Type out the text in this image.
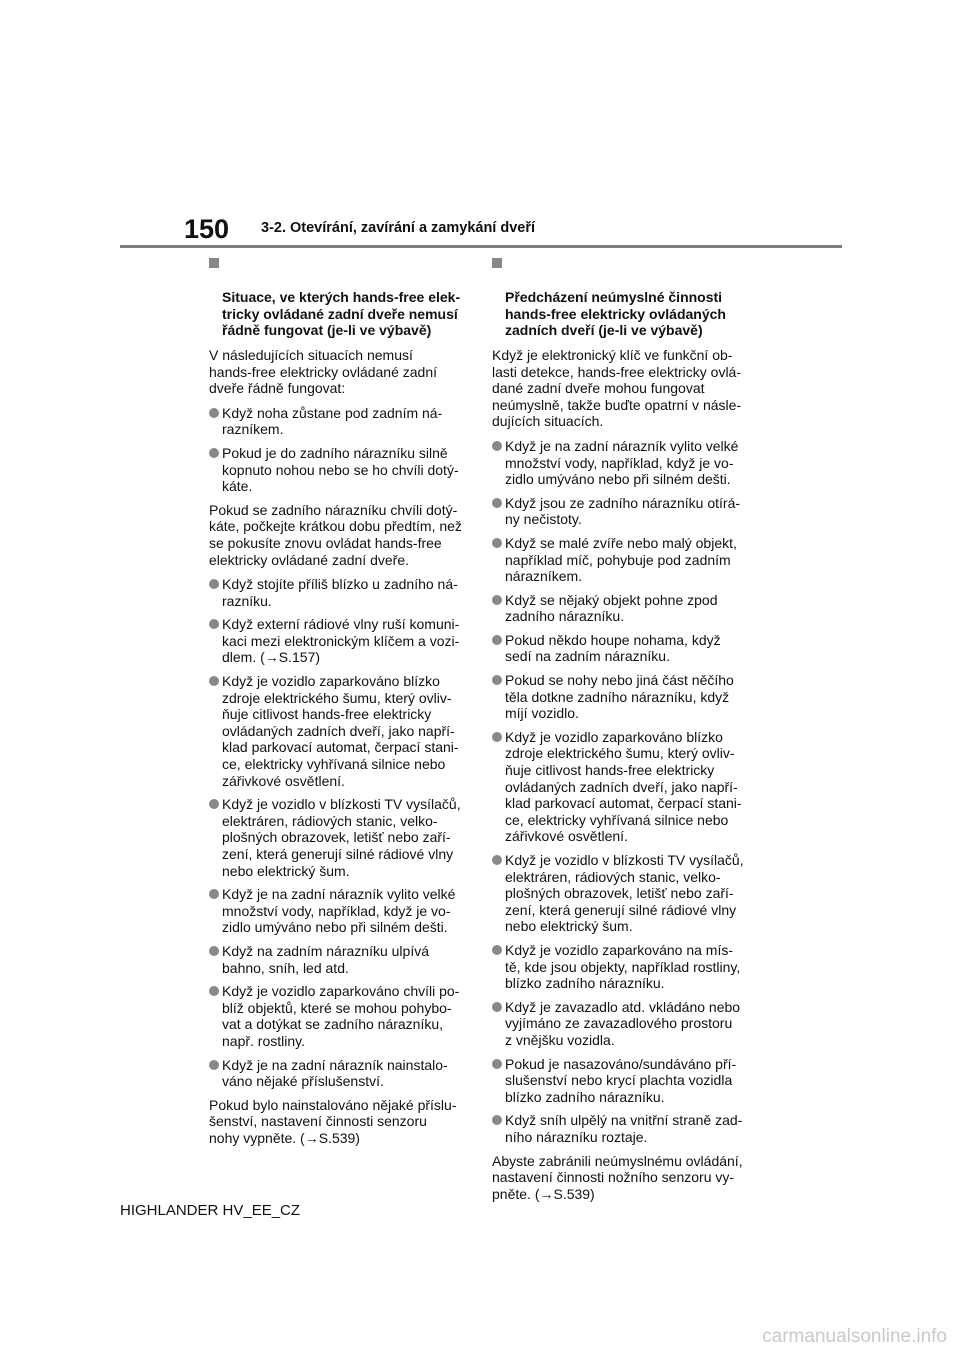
150 3-2. Otevírání, zavírání a zamykání dveří

Situace, ve kterých hands-free elek-
tricky ovládané zadní dveře nemusí
řádně fungovat (je-li ve výbavě)

V následujících situacích nemusí
hands-free elektricky ovládané zadní
dveře řádně fungovat:
Když noha zůstane pod zadním ná-
razníkem.
Pokud je do zadního nárazníku silně
kopnuto nohou nebo se ho chvíli dotý-
káte.
Pokud se zadního nárazníku chvíli dotý-
káte, počkejte krátkou dobu předtím, než
se pokusíte znovu ovládat hands-free
elektricky ovládané zadní dveře.
Když stojíte příliš blízko u zadního ná-
razníku.
Když externí rádiové vlny ruší komuni-
kaci mezi elektronickým klíčem a vozi-
dlem. (→S.157)
Když je vozidlo zaparkováno blízko
zdroje elektrického šumu, který ovliv-
ňuje citlivost hands-free elektricky
ovládaných zadních dveří, jako napří-
klad parkovací automat, čerpací stani-
ce, elektricky vyhřívaná silnice nebo
zářivkové osvětlení.
Když je vozidlo v blízkosti TV vysílačů,
elektráren, rádiových stanic, velko-
plošných obrazovek, letišť nebo zaří-
zení, která generují silné rádiové vlny
nebo elektrický šum.
Když je na zadní nárazník vylito velké
množství vody, například, když je vo-
zidlo umýváno nebo při silném dešti.
Když na zadním nárazníku ulpívá
bahno, sníh, led atd.
Když je vozidlo zaparkováno chvíli po-
blíž objektů, které se mohou pohybo-
vat a dotýkat se zadního nárazníku,
např. rostliny.
Když je na zadní nárazník nainstalo-
váno nějaké příslušenství.
Pokud bylo nainstalováno nějaké příslu-
šenství, nastavení činnosti senzoru
nohy vypněte. (→S.539)

Předcházení neúmyslné činnosti
hands-free elektricky ovládaných
zadních dveří (je-li ve výbavě)

Když je elektronický klíč ve funkční ob-
lasti detekce, hands-free elektricky ovlá-
dané zadní dveře mohou fungovat
neúmyslně, takže buďte opatrní v násle-
dujících situacích.
Když je na zadní nárazník vylito velké
množství vody, například, když je vo-
zidlo umýváno nebo při silném dešti.
Když jsou ze zadního nárazníku otírá-
ny nečistoty.
Když se malé zvíře nebo malý objekt,
například míč, pohybuje pod zadním
nárazníkem.
Když se nějaký objekt pohne zpod
zadního nárazníku.
Pokud někdo houpe nohama, když
sedí na zadním nárazníku.
Pokud se nohy nebo jiná část něčího
těla dotkne zadního nárazníku, když
míjí vozidlo.
Když je vozidlo zaparkováno blízko
zdroje elektrického šumu, který ovliv-
ňuje citlivost hands-free elektricky
ovládaných zadních dveří, jako napří-
klad parkovací automat, čerpací stani-
ce, elektricky vyhřívaná silnice nebo
zářivkové osvětlení.
Když je vozidlo v blízkosti TV vysílačů,
elektráren, rádiových stanic, velko-
plošných obrazovek, letišť nebo zaří-
zení, která generují silné rádiové vlny
nebo elektrický šum.
Když je vozidlo zaparkováno na mís-
tě, kde jsou objekty, například rostliny,
blízko zadního nárazníku.
Když je zavazadlo atd. vkládáno nebo
vyjímáno ze zavazadlového prostoru
z vnějšku vozidla.
Pokud je nasazováno/sundáváno pří-
slušenství nebo krycí plachta vozidla
blízko zadního nárazníku.
Když sníh ulpělý na vnitřní straně zad-
ního nárazníku roztaje.
Abyste zabránili neúmyslnému ovládání,
nastavení činnosti nožního senzoru vy-
pněte. (→S.539)
HIGHLANDER HV_EE_CZ
carmanualsonline.info
